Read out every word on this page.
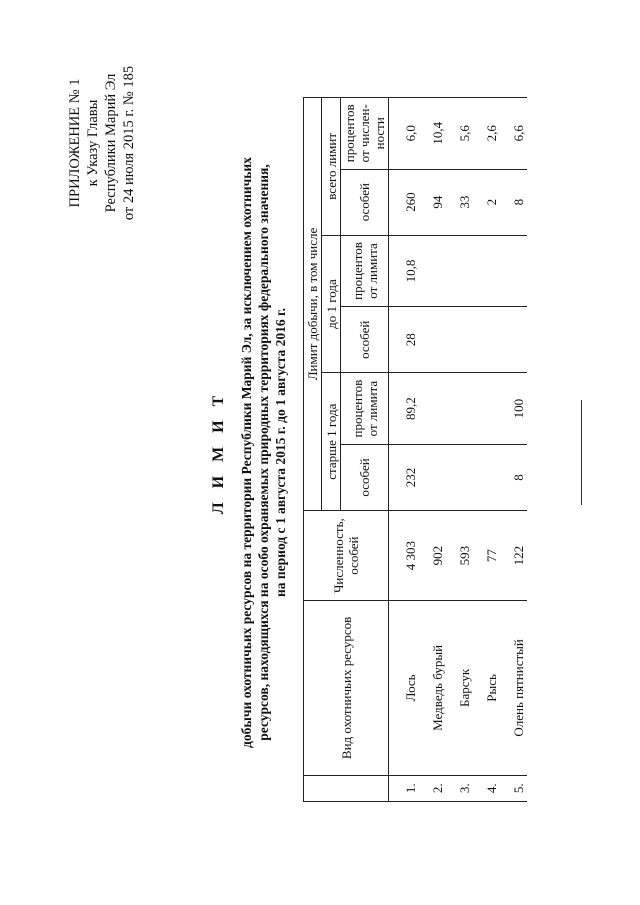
ПРИЛОЖЕНИЕ № 1 к Указу Главы Республики Марий Эл от 24 июля 2015 г. № 185
Л И М И Т добычи охотничьих ресурсов на территории Республики Марий Эл, за исключением охотничьих ресурсов, находящихся на особо охраняемых природных территориях федерального значения, на период с 1 августа 2015 г. до 1 августа 2016 г.
	Вид охотничьих ресурсов	Численность, особей	Лимит добычи, в том числе					
			старше 1 года		до 1 года		всего лимит	
			особей	процентов от лимита	особей	процентов от лимита	особей	процентов от числен-ности
1.	Лось	4 303	232	89,2	28	10,8	260	6,0
2.	Медведь бурый	902					94	10,4
3.	Барсук	593					33	5,6
4.	Рысь	77					2	2,6
5.	Олень пятнистый	122	8	100			8	6,6
